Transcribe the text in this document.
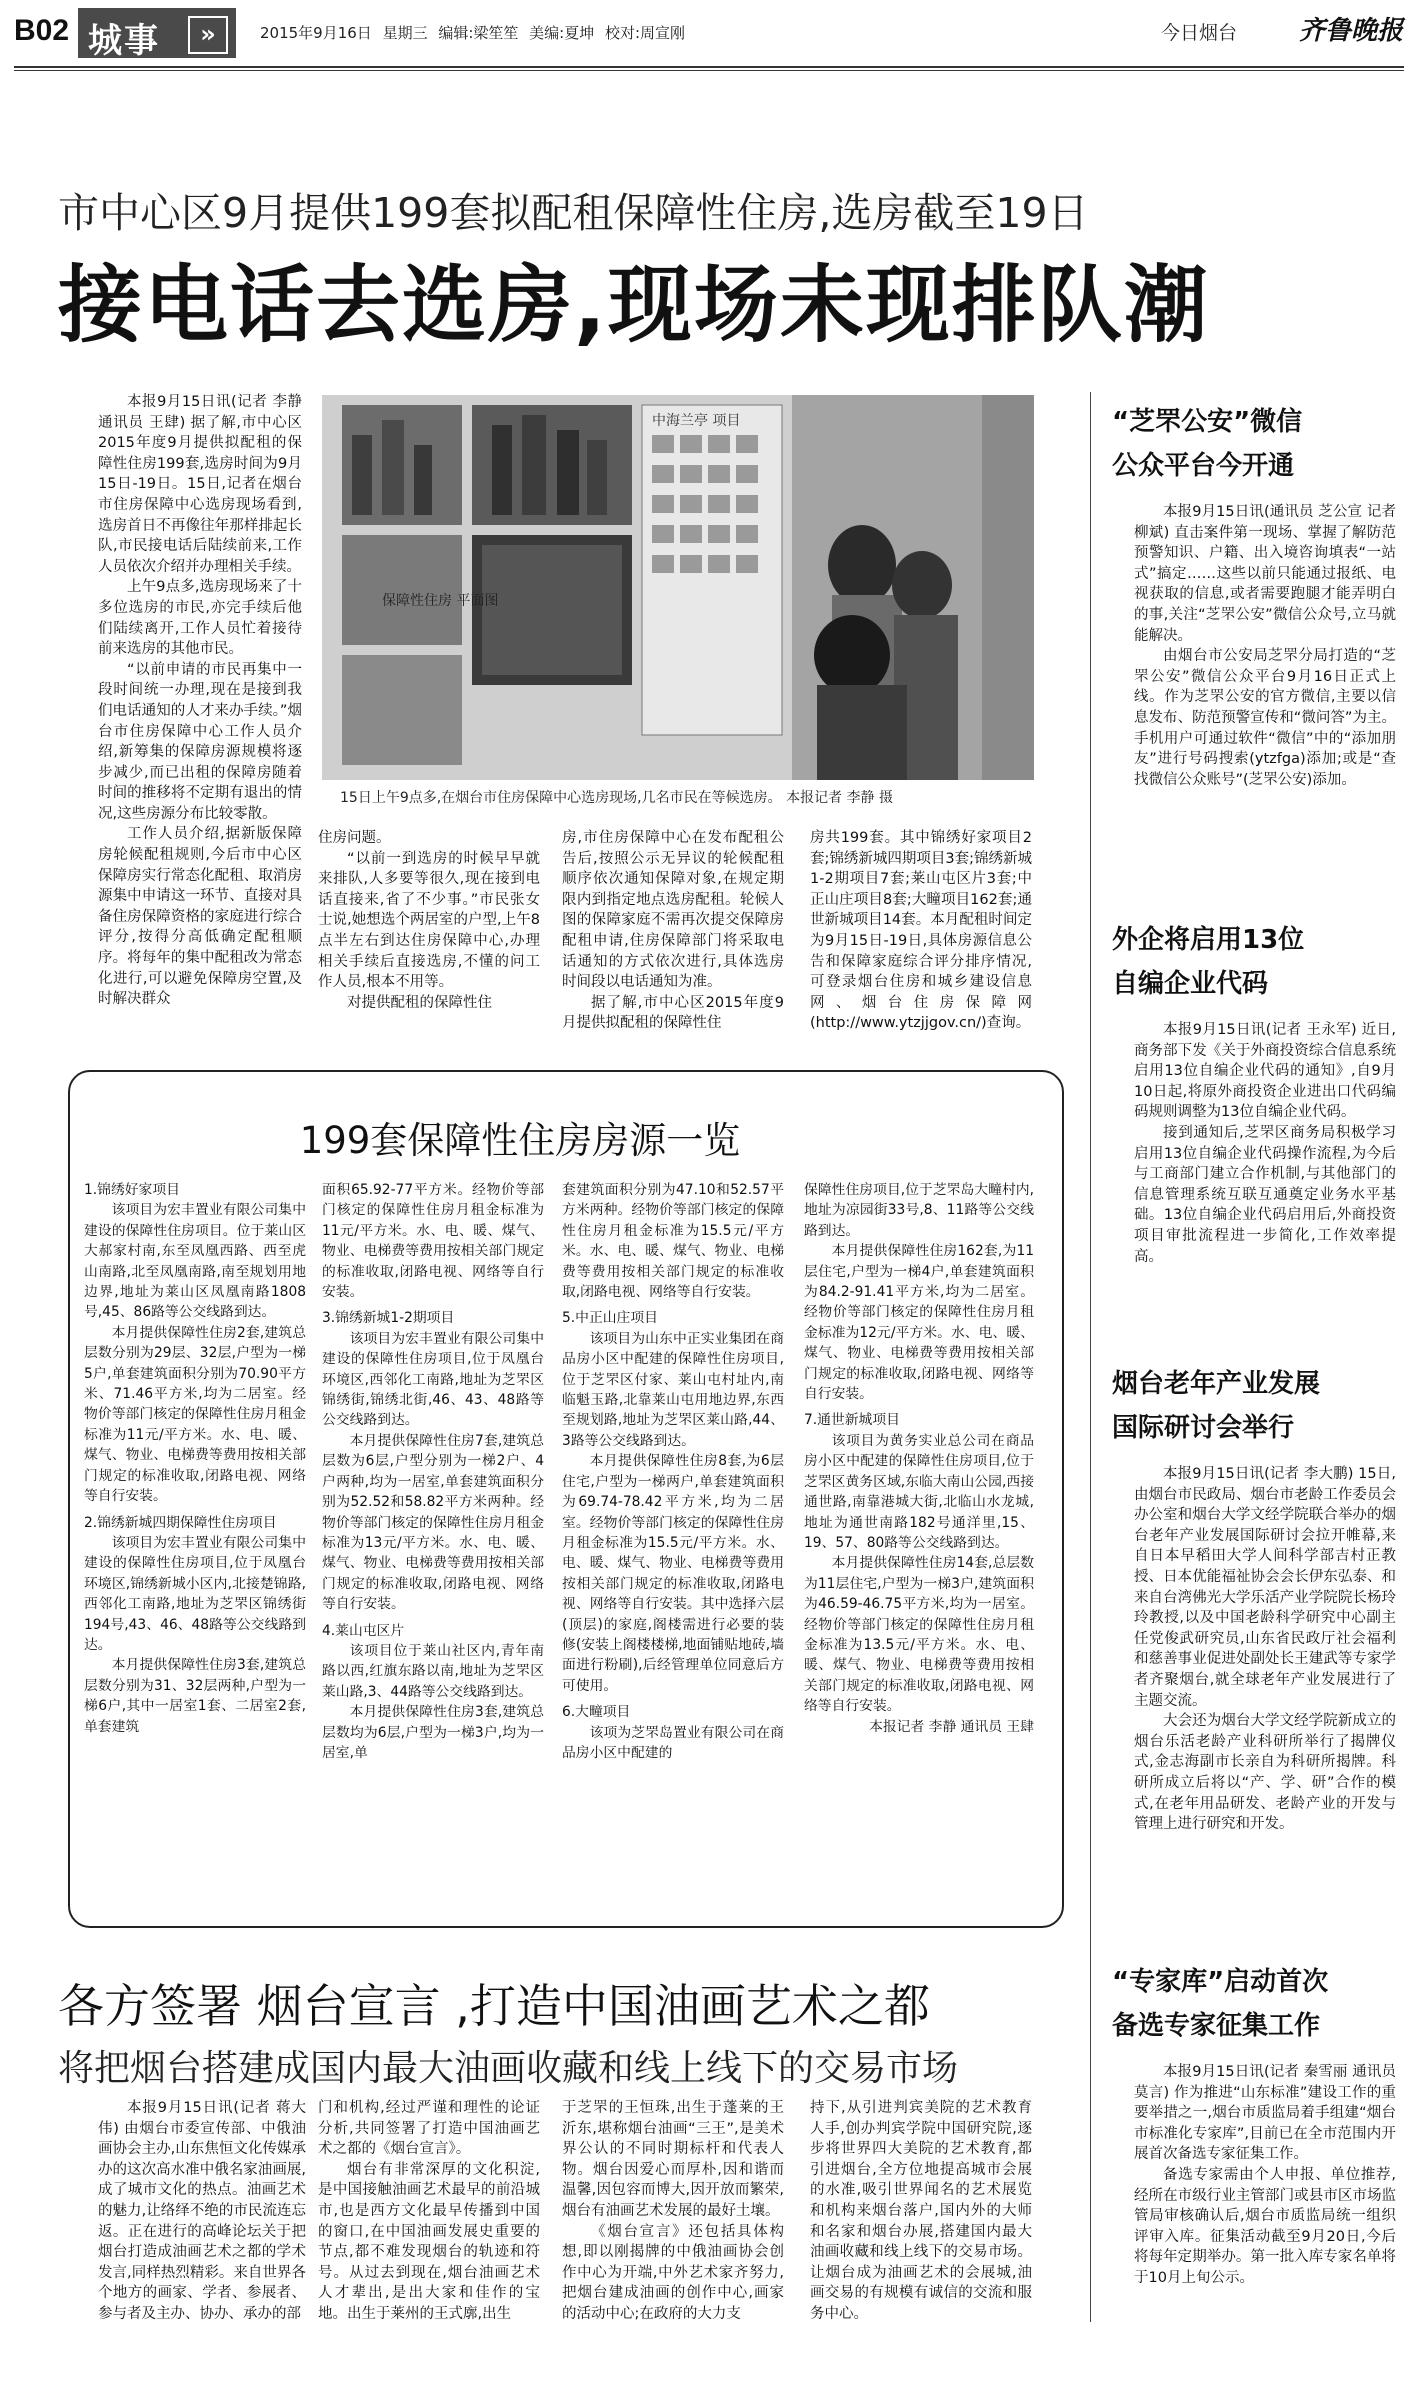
B02 城事	»	2015年9月16日 星期三 编辑:梁笙笙 美编:夏坤 校对:周宣刚	今日烟台 齐鲁晚报
市中心区9月提供199套拟配租保障性住房,选房截至19日
接电话去选房,现场未现排队潮

本报9月15日讯(记者 李静 通讯员 王肆) 据了解,市中心区2015年度9月提供拟配租的保障性住房199套,选房时间为9月15日-19日。15日,记者在烟台市住房保障中心选房现场看到,选房首日不再像往年那样排起长队,市民接电话后陆续前来,工作人员依次介绍并办理相关手续。

上午9点多,选房现场来了十多位选房的市民,亦完手续后他们陆续离开,工作人员忙着接待前来选房的其他市民。

“以前申请的市民再集中一段时间统一办理,现在是接到我们电话通知的人才来办手续。”烟台市住房保障中心工作人员介绍,新筹集的保障房源规模将逐步减少,而已出租的保障房随着时间的推移将不定期有退出的情况,这些房源分布比较零散。

工作人员介绍,据新版保障房轮候配租规则,今后市中心区保障房实行常态化配租、取消房源集中申请这一环节、直接对具备住房保障资格的家庭进行综合评分,按得分高低确定配租顺序。将每年的集中配租改为常态化进行,可以避免保障房空置,及时解决群众

中海兰亭 项目
保障性住房 平面图
15日上午9点多,在烟台市住房保障中心选房现场,几名市民在等候选房。 本报记者 李静 摄

住房问题。

“以前一到选房的时候早早就来排队,人多要等很久,现在接到电话直接来,省了不少事。”市民张女士说,她想选个两居室的户型,上午8点半左右到达住房保障中心,办理相关手续后直接选房,不懂的问工作人员,根本不用等。

对提供配租的保障性住

房,市住房保障中心在发布配租公告后,按照公示无异议的轮候配租顺序依次通知保障对象,在规定期限内到指定地点选房配租。轮候人图的保障家庭不需再次提交保障房配租申请,住房保障部门将采取电话通知的方式依次进行,具体选房时间段以电话通知为准。

据了解,市中心区2015年度9月提供拟配租的保障性住

房共199套。其中锦绣好家项目2套;锦绣新城四期项目3套;锦绣新城1-2期项目7套;莱山屯区片3套;中正山庄项目8套;大疃项目162套;通世新城项目14套。本月配租时间定为9月15日-19日,具体房源信息公告和保障家庭综合评分排序情况,可登录烟台住房和城乡建设信息网、烟台住房保障网(http://www.ytzjjgov.cn/)查询。

199套保障性住房房源一览

1.锦绣好家项目

该项目为宏丰置业有限公司集中建设的保障性住房项目。位于莱山区大郝家村南,东至凤凰西路、西至虎山南路,北至凤凰南路,南至规划用地边界,地址为莱山区凤凰南路1808号,45、86路等公交线路到达。

本月提供保障性住房2套,建筑总层数分别为29层、32层,户型为一梯5户,单套建筑面积分别为70.90平方米、71.46平方米,均为二居室。经物价等部门核定的保障性住房月租金标准为11元/平方米。水、电、暖、煤气、物业、电梯费等费用按相关部门规定的标准收取,闭路电视、网络等自行安装。

2.锦绣新城四期保障性住房项目

该项目为宏丰置业有限公司集中建设的保障性住房项目,位于凤凰台环境区,锦绣新城小区内,北接楚锦路,西邻化工南路,地址为芝罘区锦绣街194号,43、46、48路等公交线路到达。

本月提供保障性住房3套,建筑总层数分别为31、32层两种,户型为一梯6户,其中一居室1套、二居室2套,单套建筑

面积65.92-77平方米。经物价等部门核定的保障性住房月租金标准为11元/平方米。水、电、暖、煤气、物业、电梯费等费用按相关部门规定的标准收取,闭路电视、网络等自行安装。

3.锦绣新城1-2期项目

该项目为宏丰置业有限公司集中建设的保障性住房项目,位于凤凰台环境区,西邻化工南路,地址为芝罘区锦绣街,锦绣北街,46、43、48路等公交线路到达。

本月提供保障性住房7套,建筑总层数为6层,户型分别为一梯2户、4户两种,均为一居室,单套建筑面积分别为52.52和58.82平方米两种。经物价等部门核定的保障性住房月租金标准为13元/平方米。水、电、暖、煤气、物业、电梯费等费用按相关部门规定的标准收取,闭路电视、网络等自行安装。

4.莱山屯区片

该项目位于莱山社区内,青年南路以西,红旗东路以南,地址为芝罘区莱山路,3、44路等公交线路到达。

本月提供保障性住房3套,建筑总层数均为6层,户型为一梯3户,均为一居室,单

套建筑面积分别为47.10和52.57平方米两种。经物价等部门核定的保障性住房月租金标准为15.5元/平方米。水、电、暖、煤气、物业、电梯费等费用按相关部门规定的标准收取,闭路电视、网络等自行安装。

5.中正山庄项目

该项目为山东中正实业集团在商品房小区中配建的保障性住房项目,位于芝罘区付家、莱山屯村址内,南临魁玉路,北靠莱山屯用地边界,东西至规划路,地址为芝罘区莱山路,44、3路等公交线路到达。

本月提供保障性住房8套,为6层住宅,户型为一梯两户,单套建筑面积为69.74-78.42平方米,均为二居室。经物价等部门核定的保障性住房月租金标准为15.5元/平方米。水、电、暖、煤气、物业、电梯费等费用按相关部门规定的标准收取,闭路电视、网络等自行安装。其中选择六层(顶层)的家庭,阁楼需进行必要的装修(安装上阁楼楼梯,地面铺贴地砖,墙面进行粉刷),后经管理单位同意后方可使用。

6.大疃项目

该项为芝罘岛置业有限公司在商品房小区中配建的

保障性住房项目,位于芝罘岛大疃村内,地址为凉园街33号,8、11路等公交线路到达。

本月提供保障性住房162套,为11层住宅,户型为一梯4户,单套建筑面积为84.2-91.41平方米,均为二居室。经物价等部门核定的保障性住房月租金标准为12元/平方米。水、电、暖、煤气、物业、电梯费等费用按相关部门规定的标准收取,闭路电视、网络等自行安装。

7.通世新城项目

该项目为黄务实业总公司在商品房小区中配建的保障性住房项目,位于芝罘区黄务区域,东临大南山公园,西接通世路,南靠港城大街,北临山水龙城,地址为通世南路182号通洋里,15、19、57、80路等公交线路到达。

本月提供保障性住房14套,总层数为11层住宅,户型为一梯3户,建筑面积为46.59-46.75平方米,均为一居室。经物价等部门核定的保障性住房月租金标准为13.5元/平方米。水、电、暖、煤气、物业、电梯费等费用按相关部门规定的标准收取,闭路电视、网络等自行安装。

本报记者 李静 通讯员 王肆

“芝罘公安”微信
公众平台今开通

本报9月15日讯(通讯员 芝公宣 记者 柳斌) 直击案件第一现场、掌握了解防范预警知识、户籍、出入境咨询填表“一站式”搞定……这些以前只能通过报纸、电视获取的信息,或者需要跑腿才能弄明白的事,关注“芝罘公安”微信公众号,立马就能解决。

由烟台市公安局芝罘分局打造的“芝罘公安”微信公众平台9月16日正式上线。作为芝罘公安的官方微信,主要以信息发布、防范预警宣传和“微问答”为主。手机用户可通过软件“微信”中的“添加朋友”进行号码搜索(ytzfga)添加;或是“查找微信公众账号”(芝罘公安)添加。

外企将启用13位
自编企业代码

本报9月15日讯(记者 王永军) 近日,商务部下发《关于外商投资综合信息系统启用13位自编企业代码的通知》,自9月10日起,将原外商投资企业进出口代码编码规则调整为13位自编企业代码。

接到通知后,芝罘区商务局积极学习启用13位自编企业代码操作流程,为今后与工商部门建立合作机制,与其他部门的信息管理系统互联互通奠定业务水平基础。13位自编企业代码启用后,外商投资项目审批流程进一步简化,工作效率提高。

烟台老年产业发展
国际研讨会举行

本报9月15日讯(记者 李大鹏) 15日,由烟台市民政局、烟台市老龄工作委员会办公室和烟台大学文经学院联合举办的烟台老年产业发展国际研讨会拉开帷幕,来自日本早稻田大学人间科学部吉村正教授、日本优能福祉协会会长伊东弘泰、和来自台湾佛光大学乐活产业学院院长杨玲玲教授,以及中国老龄科学研究中心副主任党俊武研究员,山东省民政厅社会福利和慈善事业促进处副处长王建武等专家学者齐聚烟台,就全球老年产业发展进行了主题交流。

大会还为烟台大学文经学院新成立的烟台乐活老龄产业科研所举行了揭牌仪式,金志海副市长亲自为科研所揭牌。科研所成立后将以“产、学、研”合作的模式,在老年用品研发、老龄产业的开发与管理上进行研究和开发。

“专家库”启动首次
备选专家征集工作

本报9月15日讯(记者 秦雪丽 通讯员 莫言) 作为推进“山东标准”建设工作的重要举措之一,烟台市质监局着手组建“烟台市标准化专家库”,目前已在全市范围内开展首次备选专家征集工作。

备选专家需由个人申报、单位推荐,经所在市级行业主管部门或县市区市场监管局审核确认后,烟台市质监局统一组织评审入库。征集活动截至9月20日,今后将每年定期举办。第一批入库专家名单将于10月上旬公示。

各方签署 烟台宣言 ,打造中国油画艺术之都
将把烟台搭建成国内最大油画收藏和线上线下的交易市场

本报9月15日讯(记者 蒋大伟) 由烟台市委宣传部、中俄油画协会主办,山东焦恒文化传媒承办的这次高水准中俄名家油画展,成了城市文化的热点。油画艺术的魅力,让络绎不绝的市民流连忘返。正在进行的高峰论坛关于把烟台打造成油画艺术之都的学术发言,同样热烈精彩。来自世界各个地方的画家、学者、参展者、参与者及主办、协办、承办的部

门和机构,经过严谨和理性的论证分析,共同签署了打造中国油画艺术之都的《烟台宣言》。

烟台有非常深厚的文化积淀,是中国接触油画艺术最早的前沿城市,也是西方文化最早传播到中国的窗口,在中国油画发展史重要的节点,都不难发现烟台的轨迹和符号。从过去到现在,烟台油画艺术人才辈出,是出大家和佳作的宝地。出生于莱州的王式廓,出生

于芝罘的王恒珠,出生于蓬莱的王沂东,堪称烟台油画“三王”,是美术界公认的不同时期标杆和代表人物。烟台因爱心而厚朴,因和谐而温馨,因包容而博大,因开放而繁荣,烟台有油画艺术发展的最好土壤。

《烟台宣言》还包括具体构想,即以刚揭牌的中俄油画协会创作中心为开端,中外艺术家齐努力,把烟台建成油画的创作中心,画家的活动中心;在政府的大力支

持下,从引进判宾美院的艺术教育人手,创办判宾学院中国研究院,逐步将世界四大美院的艺术教育,都引进烟台,全方位地提高城市会展的水准,吸引世界闻名的艺术展览和机构来烟台落户,国内外的大师和名家和烟台办展,搭建国内最大油画收藏和线上线下的交易市场。让烟台成为油画艺术的会展城,油画交易的有规模有诚信的交流和服务中心。
